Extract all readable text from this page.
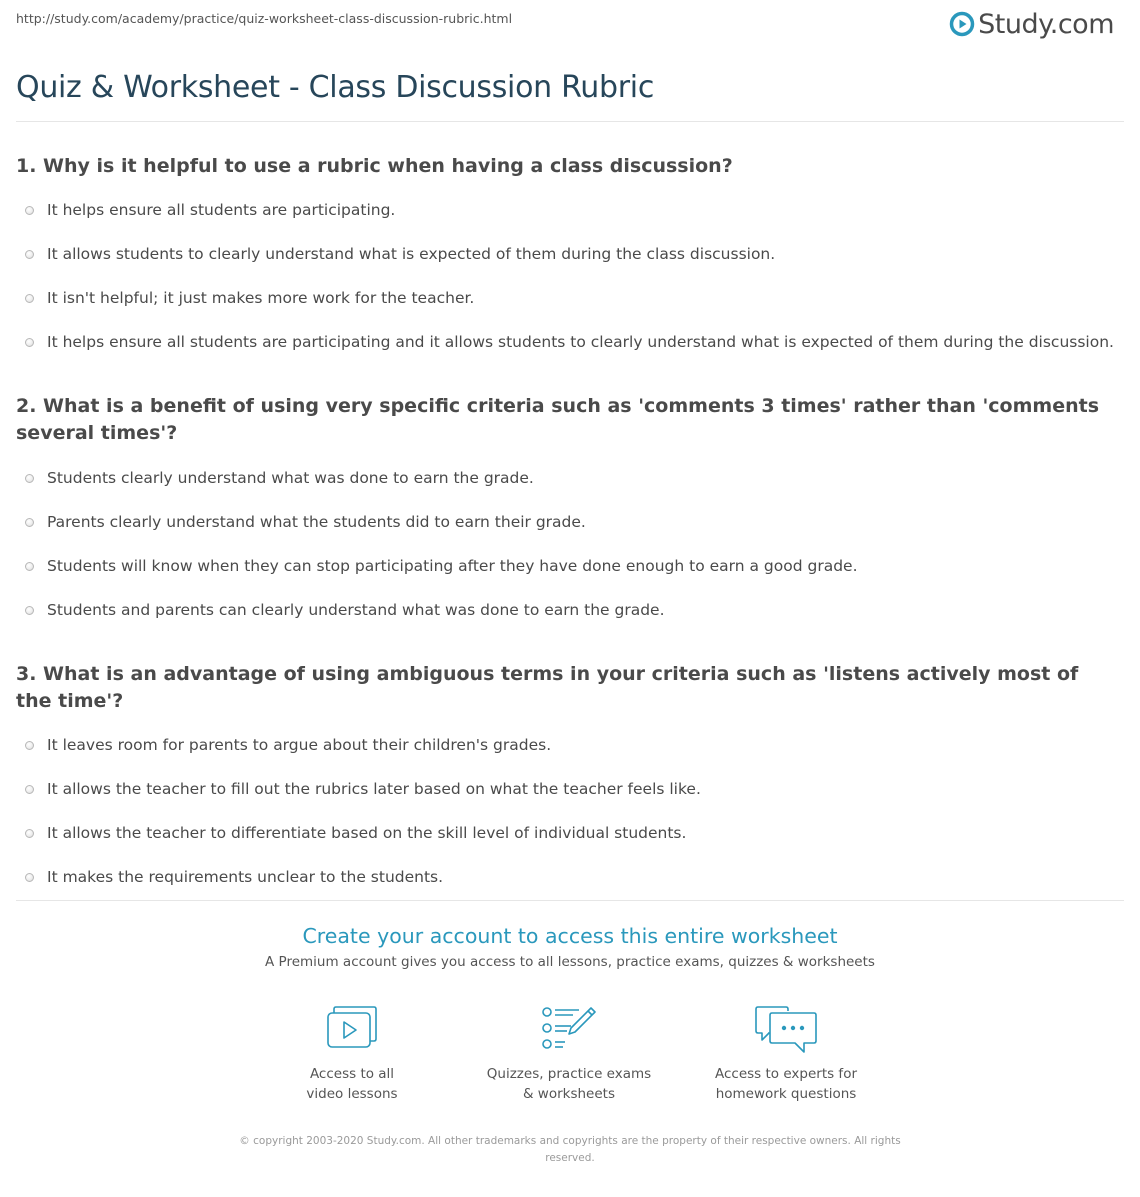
http://study.com/academy/practice/quiz-worksheet-class-discussion-rubric.html	Study.com
Quiz & Worksheet - Class Discussion Rubric

1. Why is it helpful to use a rubric when having a class discussion?

It helps ensure all students are participating.
It allows students to clearly understand what is expected of them during the class discussion.
It isn't helpful; it just makes more work for the teacher.
It helps ensure all students are participating and it allows students to clearly understand what is expected of them during the discussion.

2. What is a benefit of using very specific criteria such as 'comments 3 times' rather than 'comments several times'?

Students clearly understand what was done to earn the grade.
Parents clearly understand what the students did to earn their grade.
Students will know when they can stop participating after they have done enough to earn a good grade.
Students and parents can clearly understand what was done to earn the grade.

3. What is an advantage of using ambiguous terms in your criteria such as 'listens actively most of the time'?

It leaves room for parents to argue about their children's grades.
It allows the teacher to fill out the rubrics later based on what the teacher feels like.
It allows the teacher to differentiate based on the skill level of individual students.
It makes the requirements unclear to the students.
Create your account to access this entire worksheet

A Premium account gives you access to all lessons, practice exams, quizzes & worksheets

Access to all
video lessons
Quizzes, practice exams
& worksheets
Access to experts for
homework questions
© copyright 2003-2020 Study.com. All other trademarks and copyrights are the property of their respective owners. All rights reserved.
